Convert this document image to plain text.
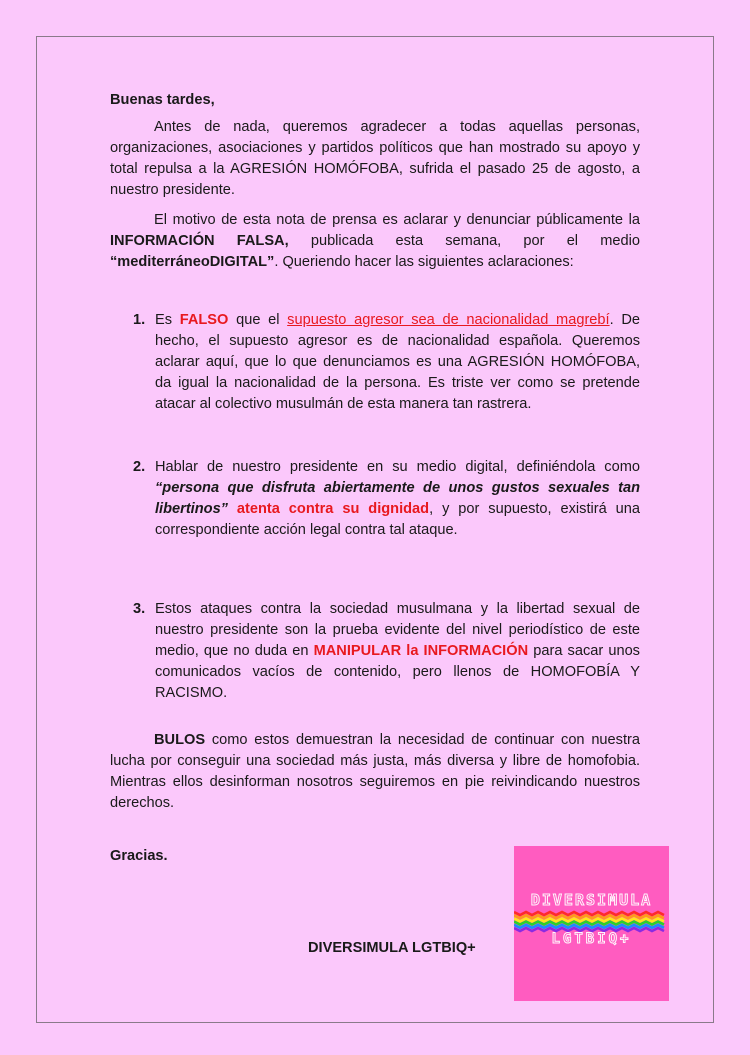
Buenas tardes,

Antes de nada, queremos agradecer a todas aquellas personas, organizaciones, asociaciones y partidos políticos que han mostrado su apoyo y total repulsa a la AGRESIÓN HOMÓFOBA, sufrida el pasado 25 de agosto, a nuestro presidente.

El motivo de esta nota de prensa es aclarar y denunciar públicamente la INFORMACIÓN FALSA, publicada esta semana, por el medio “mediterráneoDIGITAL”. Queriendo hacer las siguientes aclaraciones:

1. Es FALSO que el supuesto agresor sea de nacionalidad magrebí. De hecho, el supuesto agresor es de nacionalidad española. Queremos aclarar aquí, que lo que denunciamos es una AGRESIÓN HOMÓFOBA, da igual la nacionalidad de la persona. Es triste ver como se pretende atacar al colectivo musulmán de esta manera tan rastrera.
2. Hablar de nuestro presidente en su medio digital, definiéndola como “persona que disfruta abiertamente de unos gustos sexuales tan libertinos” atenta contra su dignidad, y por supuesto, existirá una correspondiente acción legal contra tal ataque.
3. Estos ataques contra la sociedad musulmana y la libertad sexual de nuestro presidente son la prueba evidente del nivel periodístico de este medio, que no duda en MANIPULAR la INFORMACIÓN para sacar unos comunicados vacíos de contenido, pero llenos de HOMOFOBÍA Y RACISMO.

BULOS como estos demuestran la necesidad de continuar con nuestra lucha por conseguir una sociedad más justa, más diversa y libre de homofobia. Mientras ellos desinforman nosotros seguiremos en pie reivindicando nuestros derechos.

Gracias.

DIVERSIMULA LGTBIQ+
DIVERSIMULA
LGTBIQ+
